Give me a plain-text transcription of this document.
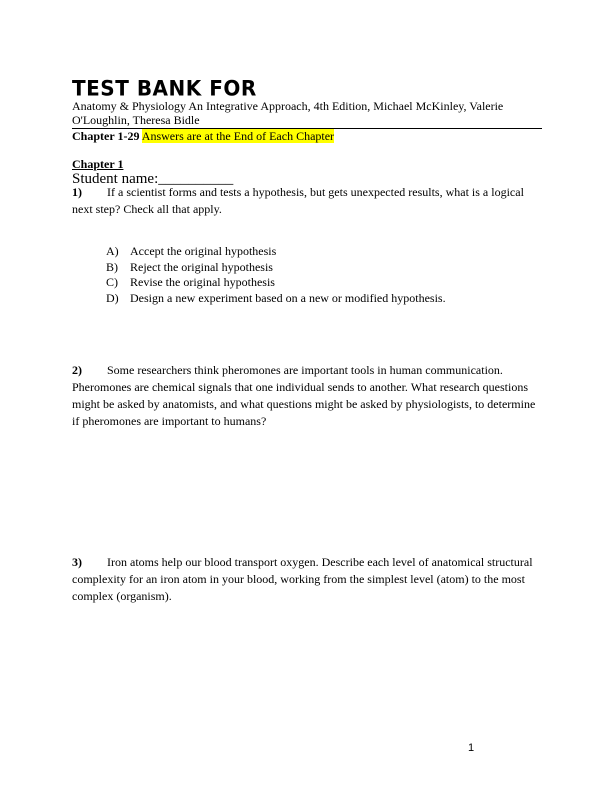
TEST BANK FOR
Anatomy & Physiology An Integrative Approach, 4th Edition, Michael McKinley, Valerie O'Loughlin, Theresa Bidle
Chapter 1-29 Answers are at the End of Each Chapter
Chapter 1
Student name:__________
1) If a scientist forms and tests a hypothesis, but gets unexpected results, what is a logical next step? Check all that apply.
A) Accept the original hypothesis
B) Reject the original hypothesis
C) Revise the original hypothesis
D) Design a new experiment based on a new or modified hypothesis.
2) Some researchers think pheromones are important tools in human communication. Pheromones are chemical signals that one individual sends to another. What research questions might be asked by anatomists, and what questions might be asked by physiologists, to determine if pheromones are important to humans?
3) Iron atoms help our blood transport oxygen. Describe each level of anatomical structural complexity for an iron atom in your blood, working from the simplest level (atom) to the most complex (organism).
1
